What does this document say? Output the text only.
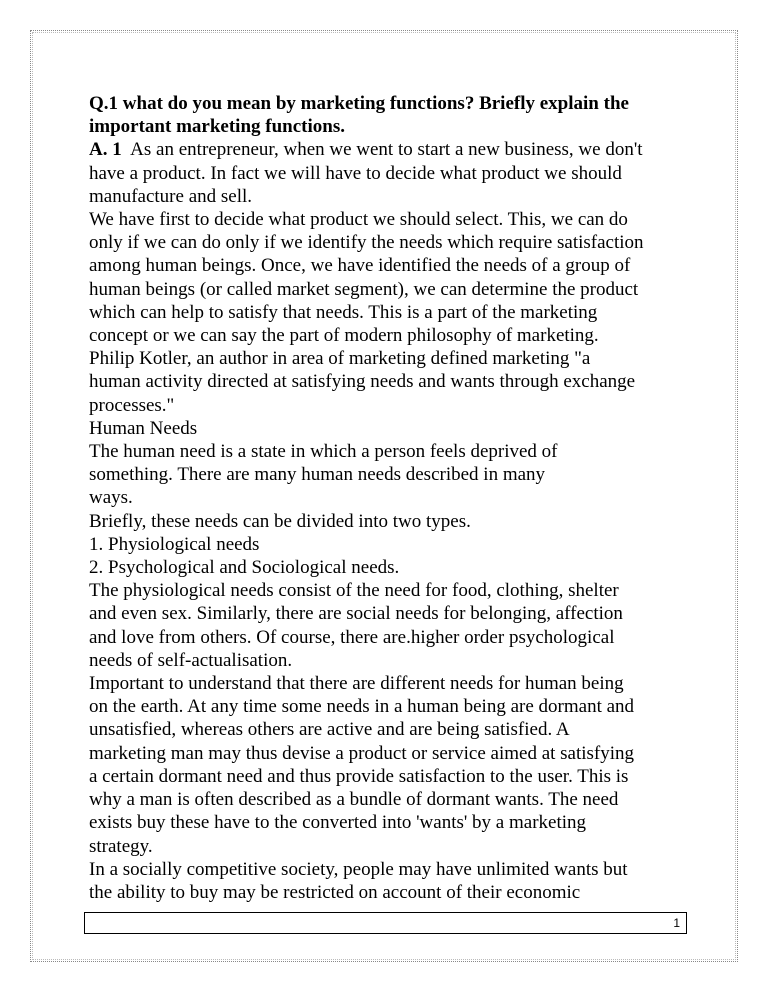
Q.1 what do you mean by marketing functions? Briefly explain the
important marketing functions.
A. 1  As an entrepreneur, when we went to start a new business, we don't
have a product. In fact we will have to decide what product we should
manufacture and sell.
We have first to decide what product we should select. This, we can do
only if we can do only if we identify the needs which require satisfaction
among human beings. Once, we have identified the needs of a group of
human beings (or called market segment), we can determine the product
which can help to satisfy that needs. This is a part of the marketing
concept or we can say the part of modern philosophy of marketing.
Philip Kotler, an author in area of marketing defined marketing "a
human activity directed at satisfying needs and wants through exchange
processes."
Human Needs
The human need is a state in which a person feels deprived of
something. There are many human needs described in many
ways.
Briefly, these needs can be divided into two types.
1. Physiological needs
2. Psychological and Sociological needs.
The physiological needs consist of the need for food, clothing, shelter
and even sex. Similarly, there are social needs for belonging, affection
and love from others. Of course, there are.higher order psychological
needs of self-actualisation.
Important to understand that there are different needs for human being
on the earth. At any time some needs in a human being are dormant and
unsatisfied, whereas others are active and are being satisfied. A
marketing man may thus devise a product or service aimed at satisfying
a certain dormant need and thus provide satisfaction to the user. This is
why a man is often described as a bundle of dormant wants. The need
exists buy these have to the converted into 'wants' by a marketing
strategy.
In a socially competitive society, people may have unlimited wants but
the ability to buy may be restricted on account of their economic
1
